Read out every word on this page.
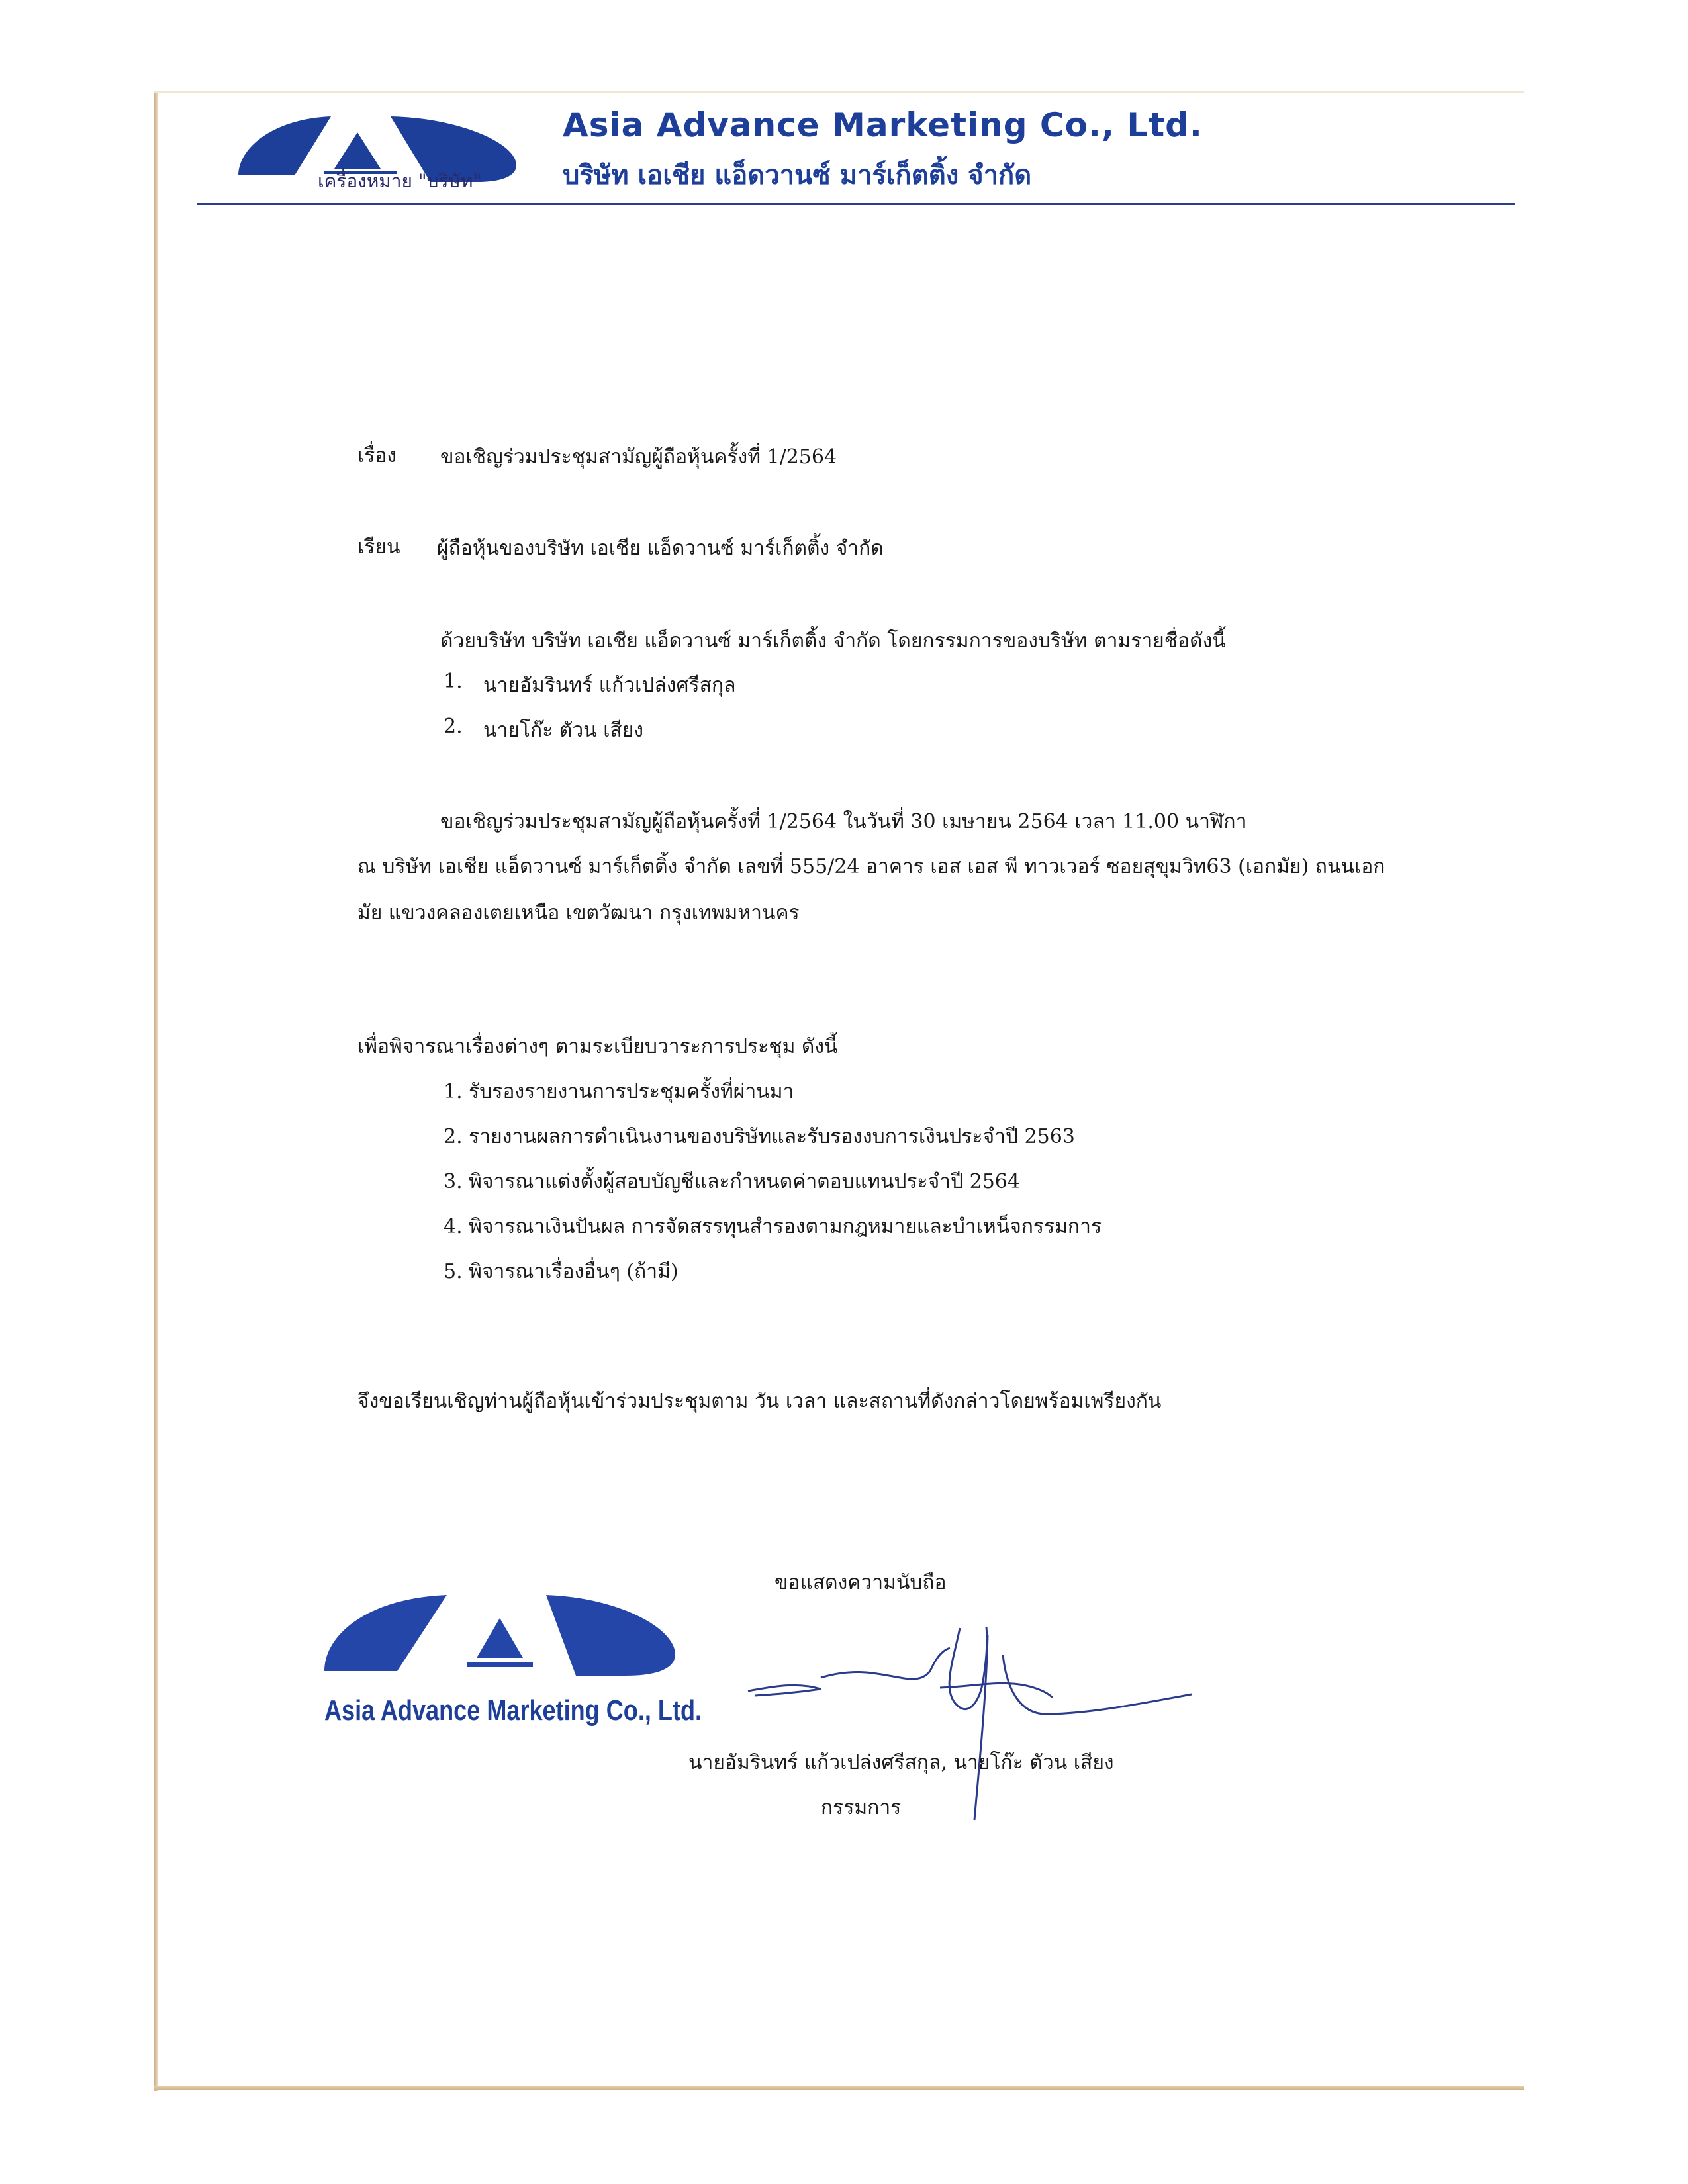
เครื่องหมาย "บริษัท"
Asia Advance Marketing Co., Ltd.
บริษัท เอเชีย แอ็ดวานซ์ มาร์เก็ตติ้ง จำกัด
เรื่อง ขอเชิญร่วมประชุมสามัญผู้ถือหุ้นครั้งที่ 1/2564
เรียน ผู้ถือหุ้นของบริษัท เอเชีย แอ็ดวานซ์ มาร์เก็ตติ้ง จำกัด
ด้วยบริษัท บริษัท เอเชีย แอ็ดวานซ์ มาร์เก็ตติ้ง จำกัด โดยกรรมการของบริษัท ตามรายชื่อดังนี้
1. นายอัมรินทร์ แก้วเปล่งศรีสกุล
2. นายโก๊ะ ตัวน เสียง
ขอเชิญร่วมประชุมสามัญผู้ถือหุ้นครั้งที่ 1/2564 ในวันที่ 30 เมษายน 2564 เวลา 11.00 นาฬิกา
ณ บริษัท เอเชีย แอ็ดวานซ์ มาร์เก็ตติ้ง จำกัด เลขที่ 555/24 อาคาร เอส เอส พี ทาวเวอร์ ซอยสุขุมวิท63 (เอกมัย) ถนนเอก
มัย แขวงคลองเตยเหนือ เขตวัฒนา กรุงเทพมหานคร
เพื่อพิจารณาเรื่องต่างๆ ตามระเบียบวาระการประชุม ดังนี้
1. รับรองรายงานการประชุมครั้งที่ผ่านมา
2. รายงานผลการดำเนินงานของบริษัทและรับรองงบการเงินประจำปี 2563
3. พิจารณาแต่งตั้งผู้สอบบัญชีและกำหนดค่าตอบแทนประจำปี 2564
4. พิจารณาเงินปันผล การจัดสรรทุนสำรองตามกฎหมายและบำเหน็จกรรมการ
5. พิจารณาเรื่องอื่นๆ (ถ้ามี)
จึงขอเรียนเชิญท่านผู้ถือหุ้นเข้าร่วมประชุมตาม วัน เวลา และสถานที่ดังกล่าวโดยพร้อมเพรียงกัน
ขอแสดงความนับถือ
Asia Advance Marketing Co., Ltd.
นายอัมรินทร์ แก้วเปล่งศรีสกุล, นายโก๊ะ ตัวน เสียง
กรรมการ
